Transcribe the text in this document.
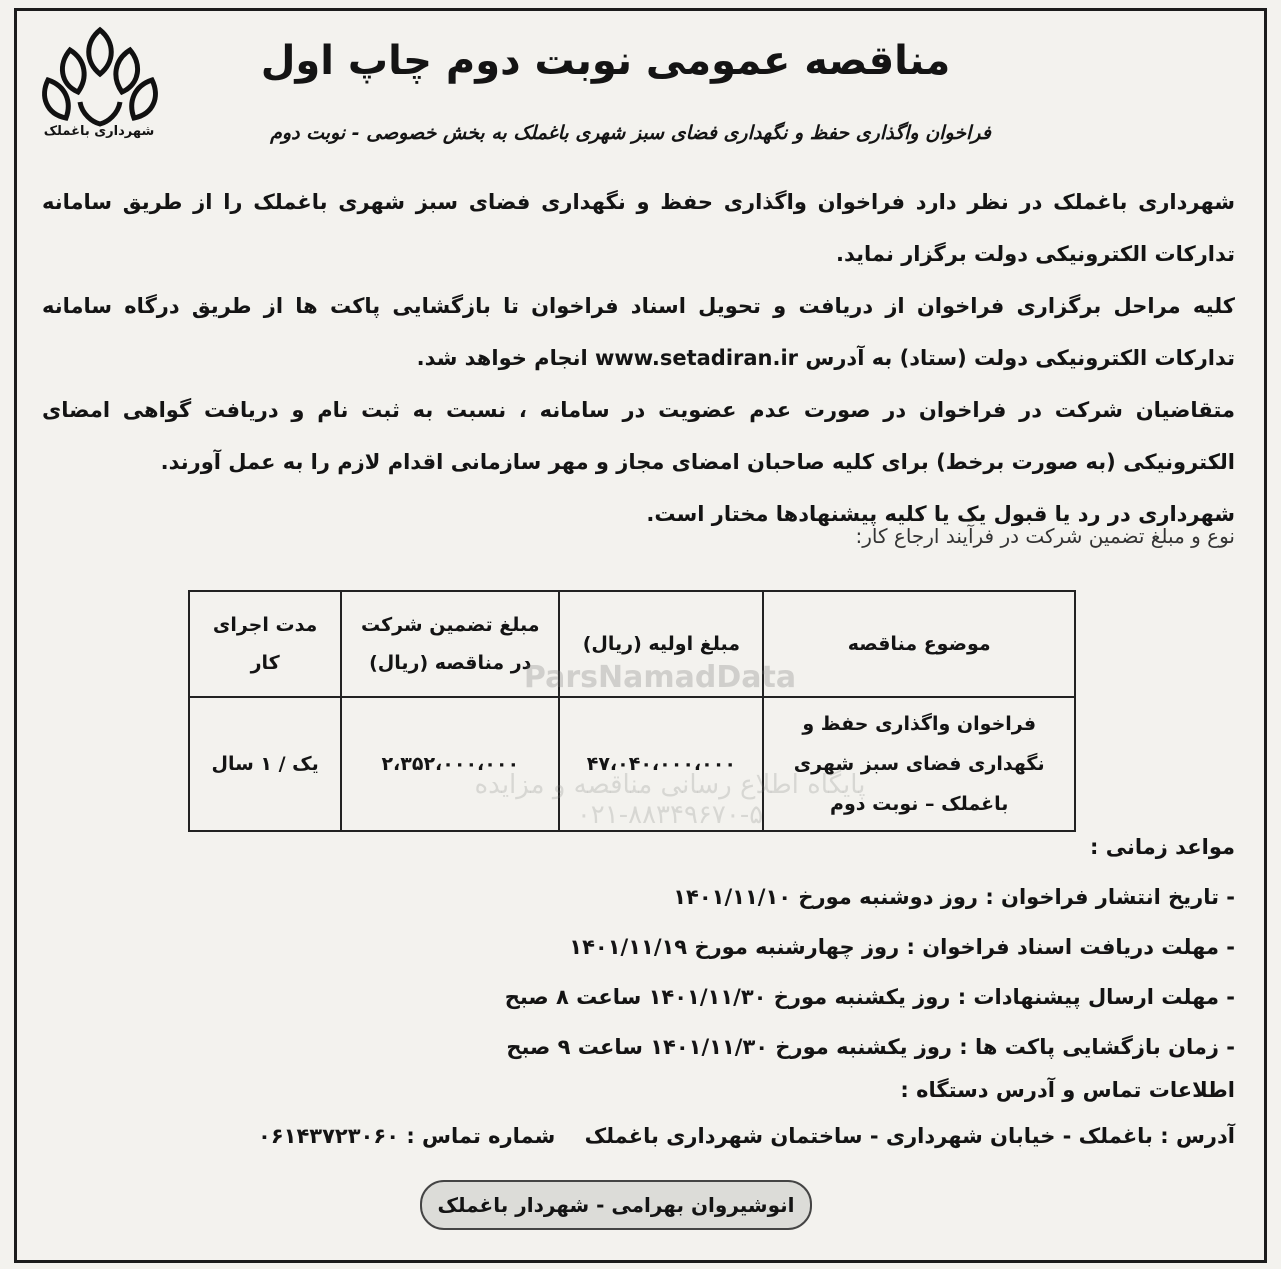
شهرداری باغملک
مناقصه عمومی نوبت دوم چاپ اول
فراخوان واگذاری حفظ و نگهداری فضای سبز شهری باغملک به بخش خصوصی - نوبت دوم

شهرداری باغملک در نظر دارد فراخوان واگذاری حفظ و نگهداری فضای سبز شهری باغملک را از طریق سامانه تدارکات الکترونیکی دولت برگزار نماید.

کلیه مراحل برگزاری فراخوان از دریافت و تحویل اسناد فراخوان تا بازگشایی پاکت ها از طریق درگاه سامانه تدارکات الکترونیکی دولت (ستاد) به آدرس www.setadiran.ir انجام خواهد شد.

متقاضیان شرکت در فراخوان در صورت عدم عضویت در سامانه ، نسبت به ثبت نام و دریافت گواهی امضای الکترونیکی (به صورت برخط) برای کلیه صاحبان امضای مجاز و مهر سازمانی اقدام لازم را به عمل آورند.

شهرداری در رد یا قبول یک یا کلیه پیشنهادها مختار است.

نوع و مبلغ تضمین شرکت در فرآیند ارجاع کار:
موضوع مناقصه	مبلغ اولیه (ریال)	مبلغ تضمین شرکت در مناقصه (ریال)	مدت اجرای کار
فراخوان واگذاری حفظ و نگهداری فضای سبز شهری باغملک – نوبت دوم	۴۷،۰۴۰،۰۰۰،۰۰۰	۲،۳۵۲،۰۰۰،۰۰۰	یک / ۱ سال
ParsNamadData
پایگاه اطلاع رسانی مناقصه و مزایده
۰۲۱-۸۸۳۴۹۶۷۰-۵
مواعد زمانی :
- تاریخ انتشار فراخوان : روز دوشنبه مورخ ۱۴۰۱/۱۱/۱۰
- مهلت دریافت اسناد فراخوان : روز چهارشنبه مورخ ۱۴۰۱/۱۱/۱۹
- مهلت ارسال پیشنهادات : روز یکشنبه مورخ ۱۴۰۱/۱۱/۳۰ ساعت ۸ صبح
- زمان بازگشایی پاکت ها : روز یکشنبه مورخ ۱۴۰۱/۱۱/۳۰ ساعت ۹ صبح
اطلاعات تماس و آدرس دستگاه :
آدرس : باغملک - خیابان شهرداری - ساختمان شهرداری باغملک شماره تماس : ۰۶۱۴۳۷۲۳۰۶۰
انوشیروان بهرامی - شهردار باغملک
